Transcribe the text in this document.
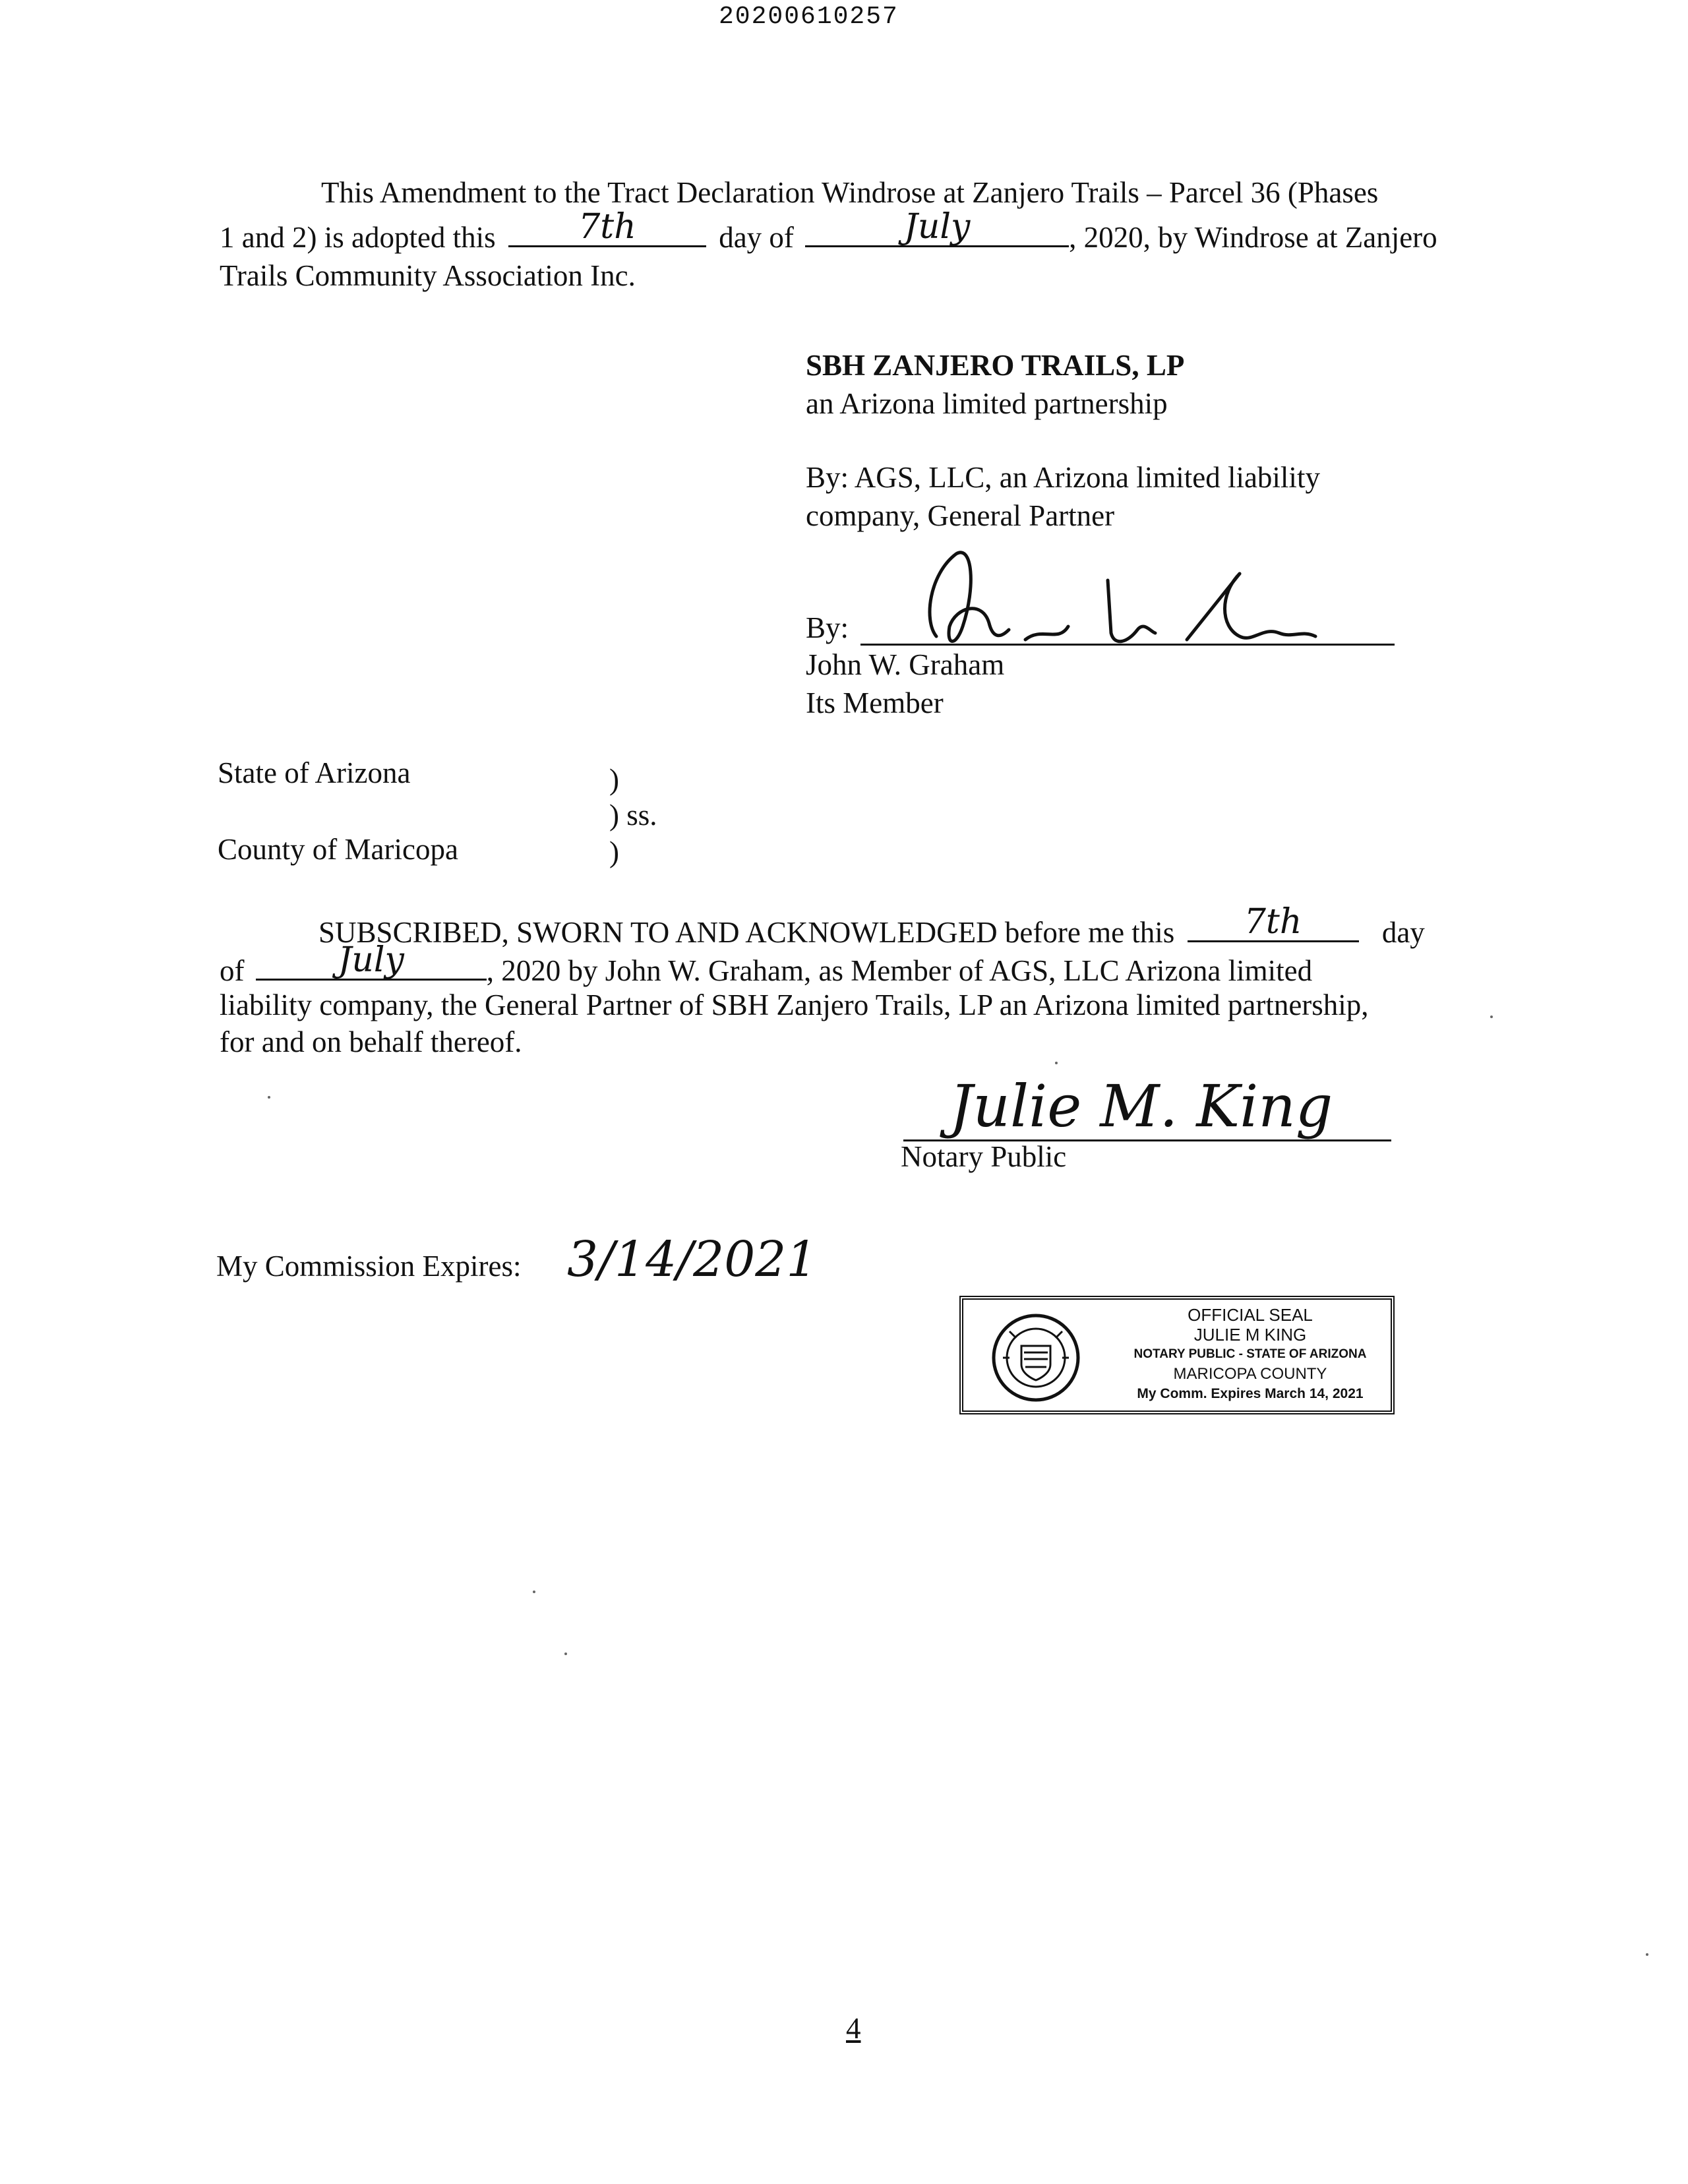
20200610257
This Amendment to the Tract Declaration Windrose at Zanjero Trails – Parcel 36 (Phases
1 and 2) is adopted this 7th	day of	July	, 2020, by Windrose at Zanjero
Trails Community Association Inc.
SBH ZANJERO TRAILS, LP
an Arizona limited partnership
By: AGS, LLC, an Arizona limited liability
company, General Partner
By:
John W. Graham
Its Member
State of Arizona	)
) ss.
County of Maricopa	)
SUBSCRIBED, SWORN TO AND ACKNOWLEDGED before me this 7th	day
of	July	, 2020 by John W. Graham, as Member of AGS, LLC Arizona limited
liability company, the General Partner of SBH Zanjero Trails, LP an Arizona limited partnership,
for and on behalf thereof.
Julie M. King
Notary Public
My Commission Expires: 3/14/2021
OFFICIAL SEAL
JULIE M KING
NOTARY PUBLIC - STATE OF ARIZONA
MARICOPA COUNTY
My Comm. Expires March 14, 2021
4
